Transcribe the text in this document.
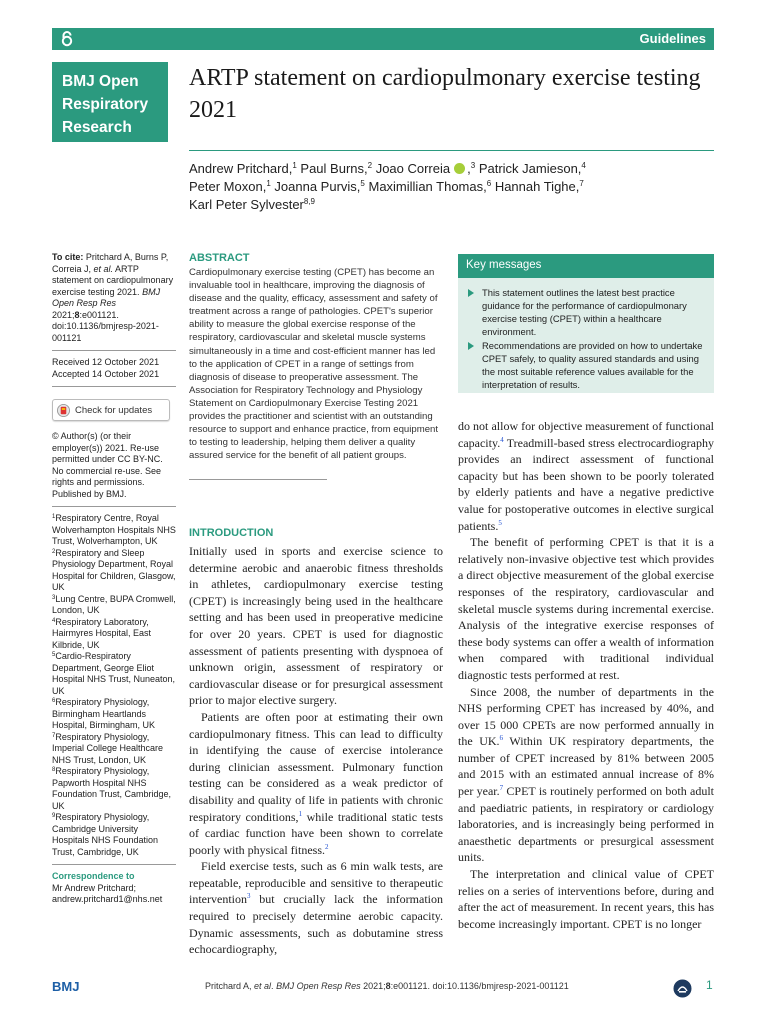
Guidelines
BMJ Open
Respiratory
Research
ARTP statement on cardiopulmonary exercise testing 2021
Andrew Pritchard,$^1$ Paul Burns,$^2$ Joao Correia ,$^3$ Patrick Jamieson,$^4$
Peter Moxon,$^1$ Joanna Purvis,$^5$ Maximillian Thomas,$^6$ Hannah Tighe,$^7$
Karl Peter Sylvester$^{8,9}$

To cite: Pritchard A, Burns P, Correia J, et al. ARTP statement on cardiopulmonary exercise testing 2021. BMJ Open Resp Res 2021;8:e001121. doi:10.1136/bmjresp-2021-001121

Received 12 October 2021

Accepted 14 October 2021

Check for updates

© Author(s) (or their employer(s)) 2021. Re-use permitted under CC BY-NC. No commercial re-use. See rights and permissions. Published by BMJ.

$^1$Respiratory Centre, Royal Wolverhampton Hospitals NHS Trust, Wolverhampton, UK

$^2$Respiratory and Sleep Physiology Department, Royal Hospital for Children, Glasgow, UK

$^3$Lung Centre, BUPA Cromwell, London, UK

$^4$Respiratory Laboratory, Hairmyres Hospital, East Kilbride, UK

$^5$Cardio-Respiratory Department, George Eliot Hospital NHS Trust, Nuneaton, UK

$^6$Respiratory Physiology, Birmingham Heartlands Hospital, Birmingham, UK

$^7$Respiratory Physiology, Imperial College Healthcare NHS Trust, London, UK

$^8$Respiratory Physiology, Papworth Hospital NHS Foundation Trust, Cambridge, UK

$^9$Respiratory Physiology, Cambridge University Hospitals NHS Foundation Trust, Cambridge, UK

Correspondence to

Mr Andrew Pritchard;

andrew.pritchard1@nhs.net

ABSTRACT
Cardiopulmonary exercise testing (CPET) has become an invaluable tool in healthcare, improving the diagnosis of disease and the quality, efficacy, assessment and safety of treatment across a range of pathologies. CPET's superior ability to measure the global exercise response of the respiratory, cardiovascular and skeletal muscle systems simultaneously in a time and cost-efficient manner has led to the application of CPET in a range of settings from diagnosis of disease to preoperative assessment. The Association for Respiratory Technology and Physiology Statement on Cardiopulmonary Exercise Testing 2021 provides the practitioner and scientist with an outstanding resource to support and enhance practice, from equipment to testing to leadership, helping them deliver a quality assured service for the benefit of all patient groups.
Key messages
This statement outlines the latest best practice guidance for the performance of cardiopulmonary exercise testing (CPET) within a healthcare environment.
Recommendations are provided on how to undertake CPET safely, to quality assured standards and using the most suitable reference values available for the interpretation of results.
INTRODUCTION

Initially used in sports and exercise science to determine aerobic and anaerobic fitness thresholds in athletes, cardiopulmonary exercise testing (CPET) is increasingly being used in the healthcare setting and has been used in preoperative medicine for over 20 years. CPET is used for diagnostic assessment of patients presenting with dyspnoea of unknown origin, assessment of respiratory or cardiovascular disease or for presurgical assessment prior to major elective surgery.

Patients are often poor at estimating their own cardiopulmonary fitness. This can lead to difficulty in identifying the cause of exercise intolerance during clinician assessment. Pulmonary function testing can be considered as a weak predictor of disability and quality of life in patients with chronic respiratory conditions,$^1$ while traditional static tests of cardiac function have been shown to correlate poorly with physical fitness.$^2$

Field exercise tests, such as 6 min walk tests, are repeatable, reproducible and sensitive to therapeutic intervention$^3$ but crucially lack the information required to precisely determine aerobic capacity. Dynamic assessments, such as dobutamine stress echocardiography,

do not allow for objective measurement of functional capacity.$^4$ Treadmill-based stress electrocardiography provides an indirect assessment of functional capacity but has been shown to be poorly tolerated by elderly patients and have a negative predictive value for postoperative outcomes in elective surgical patients.$^5$

The benefit of performing CPET is that it is a relatively non-invasive objective test which provides a direct objective measurement of the global exercise responses of the respiratory, cardiovascular and skeletal muscle systems during incremental exercise. Analysis of the integrative exercise responses of these body systems can offer a wealth of information when compared with traditional individual diagnostic tests performed at rest.

Since 2008, the number of departments in the NHS performing CPET has increased by 40%, and over 15 000 CPETs are now performed annually in the UK.$^6$ Within UK respiratory departments, the number of CPET increased by 81% between 2005 and 2015 with an estimated annual increase of 8% per year.$^7$ CPET is routinely performed on both adult and paediatric patients, in respiratory or cardiology laboratories, and is increasingly being performed in anaesthetic departments or presurgical assessment units.

The interpretation and clinical value of CPET relies on a series of interventions before, during and after the act of measurement. In recent years, this has become increasingly important. CPET is no longer

BMJ	Pritchard A, et al. BMJ Open Resp Res 2021;8:e001121. doi:10.1136/bmjresp-2021-001121	1
